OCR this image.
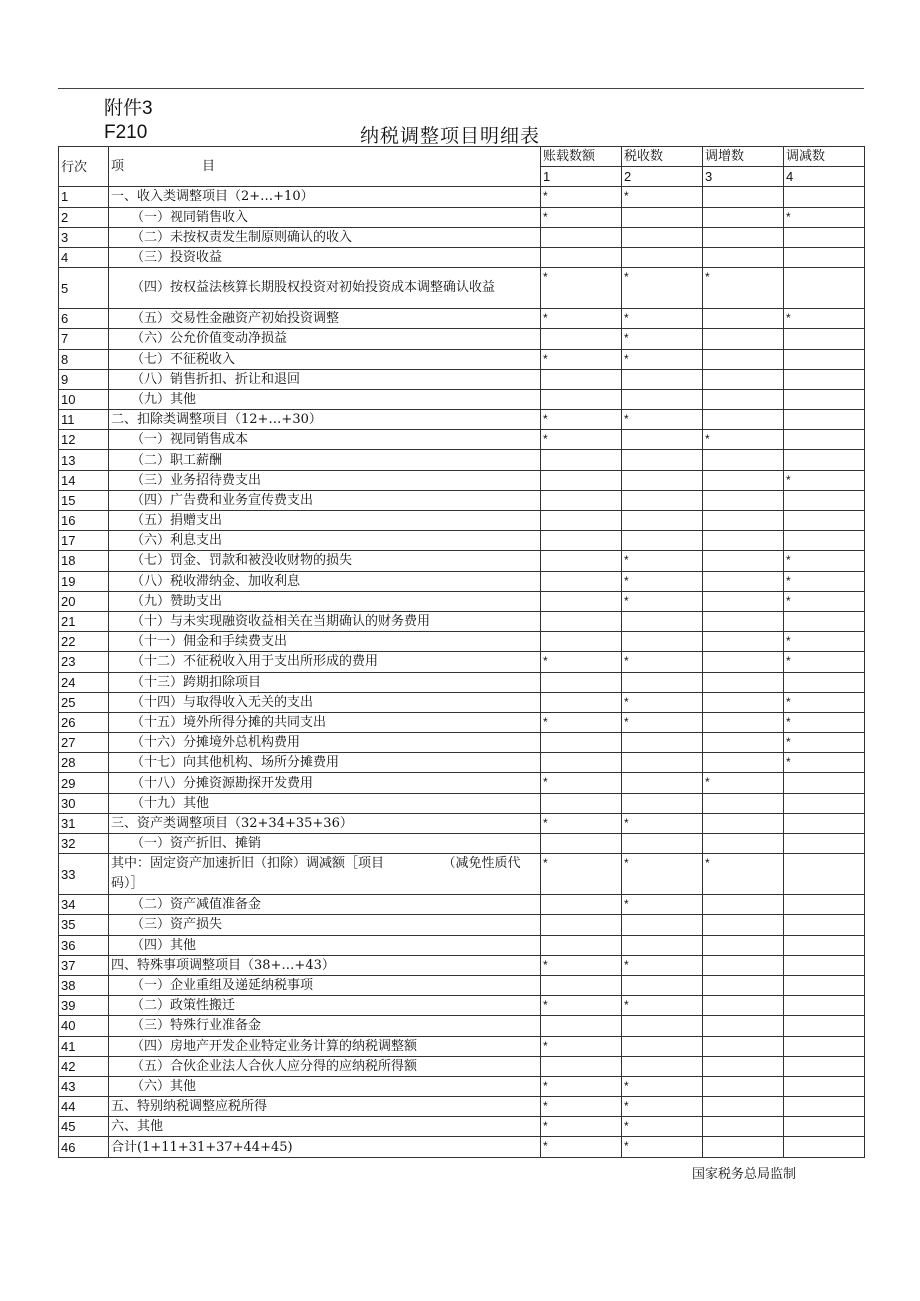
附件3
F210	纳税调整项目明细表
行次	项 目	账载数额	税收数	调增数	调减数
		1	2	3	4
1	一、收入类调整项目（2+…+10）	*	*		
2	（一）视同销售收入	*			*
3	（二）未按权责发生制原则确认的收入				
4	（三）投资收益				
5	（四）按权益法核算长期股权投资对初始投资成本调整确认收益	*	*	*	
6	（五）交易性金融资产初始投资调整	*	*		*
7	（六）公允价值变动净损益		*		
8	（七）不征税收入	*	*		
9	（八）销售折扣、折让和退回				
10	（九）其他				
11	二、扣除类调整项目（12+…+30）	*	*		
12	（一）视同销售成本	*		*	
13	（二）职工薪酬				
14	（三）业务招待费支出				*
15	（四）广告费和业务宣传费支出				
16	（五）捐赠支出				
17	（六）利息支出				
18	（七）罚金、罚款和被没收财物的损失		*		*
19	（八）税收滞纳金、加收利息		*		*
20	（九）赞助支出		*		*
21	（十）与未实现融资收益相关在当期确认的财务费用				
22	（十一）佣金和手续费支出				*
23	（十二）不征税收入用于支出所形成的费用	*	*		*
24	（十三）跨期扣除项目				
25	（十四）与取得收入无关的支出		*		*
26	（十五）境外所得分摊的共同支出	*	*		*
27	（十六）分摊境外总机构费用				*
28	（十七）向其他机构、场所分摊费用				*
29	（十八）分摊资源勘探开发费用	*		*	
30	（十九）其他				
31	三、资产类调整项目（32+34+35+36）	*	*		
32	（一）资产折旧、摊销				
33	其中：固定资产加速折旧（扣除）调减额［项目　　　　　（减免性质代码）］	*	*	*	
34	（二）资产减值准备金		*		
35	（三）资产损失				
36	（四）其他				
37	四、特殊事项调整项目（38+…+43）	*	*		
38	（一）企业重组及递延纳税事项				
39	（二）政策性搬迁	*	*		
40	（三）特殊行业准备金				
41	（四）房地产开发企业特定业务计算的纳税调整额	*			
42	（五）合伙企业法人合伙人应分得的应纳税所得额				
43	（六）其他	*	*		
44	五、特别纳税调整应税所得	*	*		
45	六、其他	*	*		
46	合计(1+11+31+37+44+45)	*	*		
国家税务总局监制
